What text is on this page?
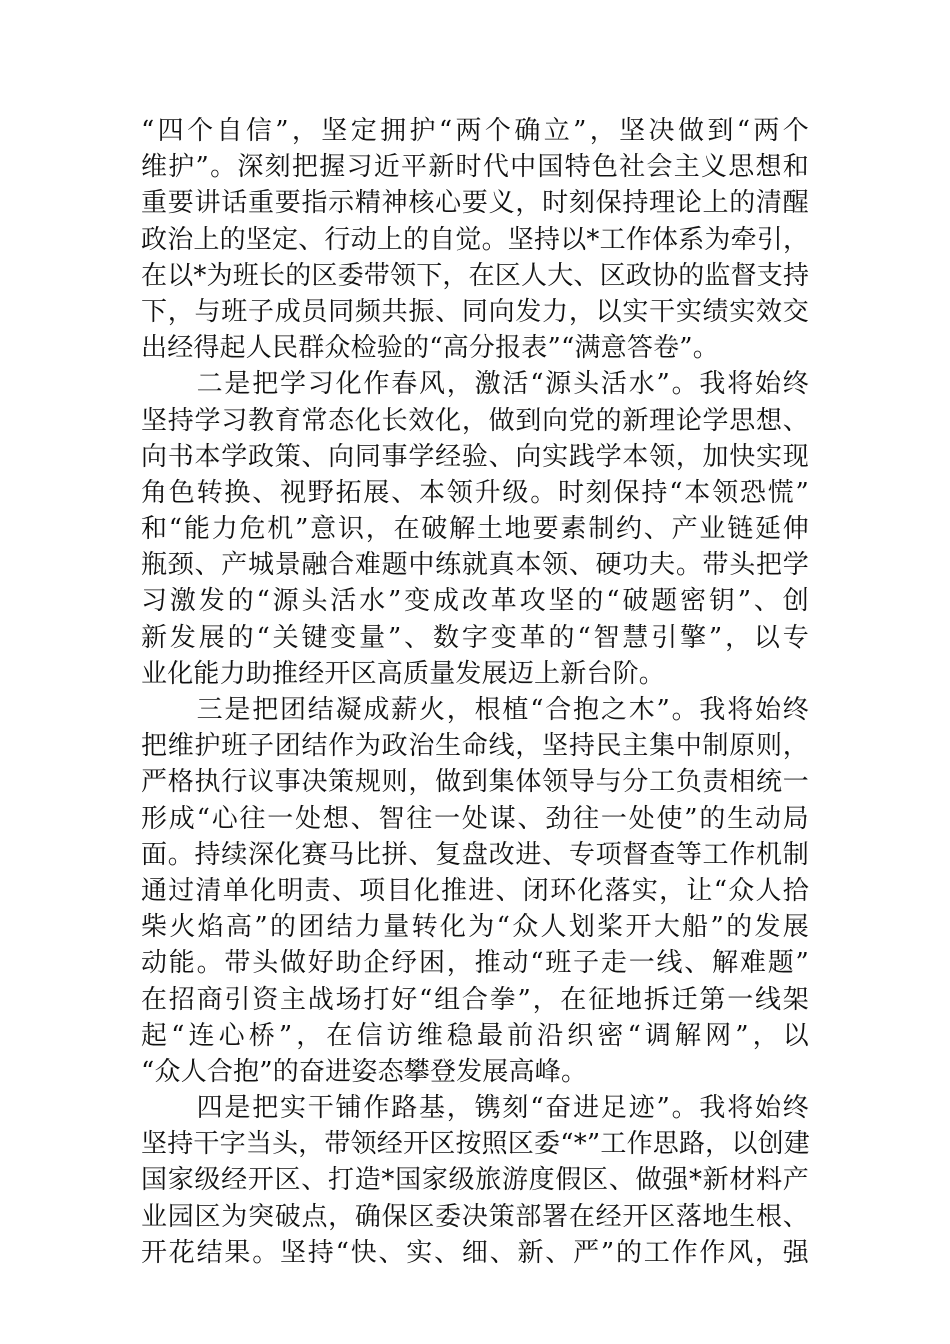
“四个自信”，坚定拥护“两个确立”，坚决做到“两个
维护”。深刻把握习近平新时代中国特色社会主义思想和
重要讲话重要指示精神核心要义，时刻保持理论上的清醒
政治上的坚定、行动上的自觉。坚持以*工作体系为牵引，
在以*为班长的区委带领下，在区人大、区政协的监督支持
下，与班子成员同频共振、同向发力，以实干实绩实效交
出经得起人民群众检验的“高分报表”“满意答卷”。
　　二是把学习化作春风，激活“源头活水”。我将始终
坚持学习教育常态化长效化，做到向党的新理论学思想、
向书本学政策、向同事学经验、向实践学本领，加快实现
角色转换、视野拓展、本领升级。时刻保持“本领恐慌”
和“能力危机”意识，在破解土地要素制约、产业链延伸
瓶颈、产城景融合难题中练就真本领、硬功夫。带头把学
习激发的“源头活水”变成改革攻坚的“破题密钥”、创
新发展的“关键变量”、数字变革的“智慧引擎”，以专
业化能力助推经开区高质量发展迈上新台阶。
　　三是把团结凝成薪火，根植“合抱之木”。我将始终
把维护班子团结作为政治生命线，坚持民主集中制原则，
严格执行议事决策规则，做到集体领导与分工负责相统一
形成“心往一处想、智往一处谋、劲往一处使”的生动局
面。持续深化赛马比拼、复盘改进、专项督查等工作机制
通过清单化明责、项目化推进、闭环化落实，让“众人拾
柴火焰高”的团结力量转化为“众人划桨开大船”的发展
动能。带头做好助企纾困，推动“班子走一线、解难题”
在招商引资主战场打好“组合拳”，在征地拆迁第一线架
起“连心桥”，在信访维稳最前沿织密“调解网”，以
“众人合抱”的奋进姿态攀登发展高峰。
　　四是把实干铺作路基，镌刻“奋进足迹”。我将始终
坚持干字当头，带领经开区按照区委“*”工作思路，以创建
国家级经开区、打造*国家级旅游度假区、做强*新材料产
业园区为突破点，确保区委决策部署在经开区落地生根、
开花结果。坚持“快、实、细、新、严”的工作作风，强
